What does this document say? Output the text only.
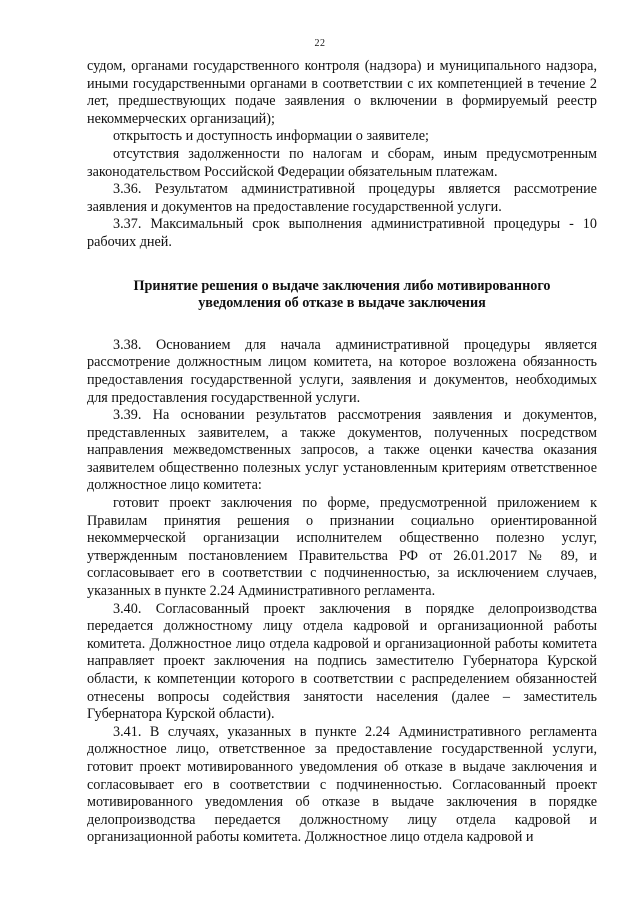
22

судом, органами государственного контроля (надзора) и муниципального надзора, иными государственными органами в соответствии с их компетенцией в течение 2 лет, предшествующих подаче заявления о включении в формируемый реестр некоммерческих организаций);

открытость и доступность информации о заявителе;

отсутствия задолженности по налогам и сборам, иным предусмотренным законодательством Российской Федерации обязательным платежам.

3.36. Результатом административной процедуры является рассмотрение заявления и документов на предоставление государственной услуги.

3.37. Максимальный срок выполнения административной процедуры - 10 рабочих дней.

Принятие решения о выдаче заключения либо мотивированного уведомления об отказе в выдаче заключения

3.38. Основанием для начала административной процедуры является рассмотрение должностным лицом комитета, на которое возложена обязанность предоставления государственной услуги, заявления и документов, необходимых для предоставления государственной услуги.

3.39. На основании результатов рассмотрения заявления и документов, представленных заявителем, а также документов, полученных посредством направления межведомственных запросов, а также оценки качества оказания заявителем общественно полезных услуг установленным критериям ответственное должностное лицо комитета:

готовит проект заключения по форме, предусмотренной приложением к Правилам принятия решения о признании социально ориентированной некоммерческой организации исполнителем общественно полезно услуг, утвержденным постановлением Правительства РФ от 26.01.2017 № 89, и согласовывает его в соответствии с подчиненностью, за исключением случаев, указанных в пункте 2.24 Административного регламента.

3.40. Согласованный проект заключения в порядке делопроизводства передается должностному лицу отдела кадровой и организационной работы комитета. Должностное лицо отдела кадровой и организационной работы комитета направляет проект заключения на подпись заместителю Губернатора Курской области, к компетенции которого в соответствии с распределением обязанностей отнесены вопросы содействия занятости населения (далее – заместитель Губернатора Курской области).

3.41. В случаях, указанных в пункте 2.24 Административного регламента должностное лицо, ответственное за предоставление государственной услуги, готовит проект мотивированного уведомления об отказе в выдаче заключения и согласовывает его в соответствии с подчиненностью. Согласованный проект мотивированного уведомления об отказе в выдаче заключения в порядке делопроизводства передается должностному лицу отдела кадровой и организационной работы комитета. Должностное лицо отдела кадровой и
